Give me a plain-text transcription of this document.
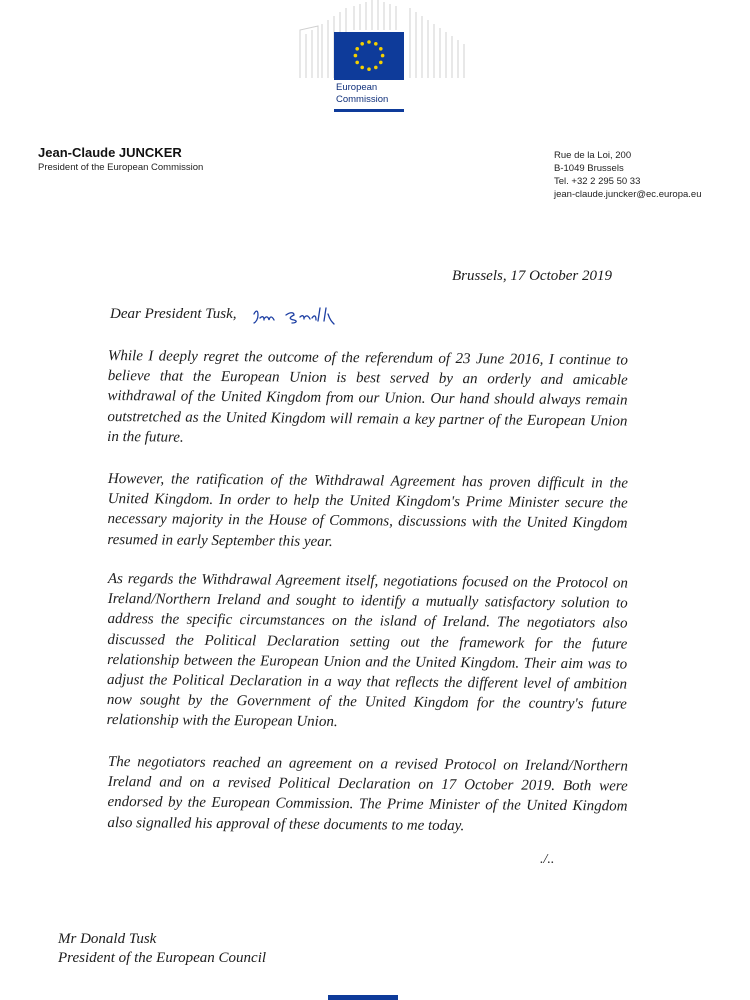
European
Commission
Jean-Claude JUNCKER
President of the European Commission
Rue de la Loi, 200
B-1049 Brussels
Tel. +32 2 295 50 33
jean-claude.juncker@ec.europa.eu
Brussels, 17 October 2019
Dear President Tusk,

While I deeply regret the outcome of the referendum of 23 June 2016, I continue to believe that the European Union is best served by an orderly and amicable withdrawal of the United Kingdom from our Union. Our hand should always remain outstretched as the United Kingdom will remain a key partner of the European Union in the future.

However, the ratification of the Withdrawal Agreement has proven difficult in the United Kingdom. In order to help the United Kingdom's Prime Minister secure the necessary majority in the House of Commons, discussions with the United Kingdom resumed in early September this year.

As regards the Withdrawal Agreement itself, negotiations focused on the Protocol on Ireland/Northern Ireland and sought to identify a mutually satisfactory solution to address the specific circumstances on the island of Ireland. The negotiators also discussed the Political Declaration setting out the framework for the future relationship between the European Union and the United Kingdom. Their aim was to adjust the Political Declaration in a way that reflects the different level of ambition now sought by the Government of the United Kingdom for the country's future relationship with the European Union.

The negotiators reached an agreement on a revised Protocol on Ireland/Northern Ireland and on a revised Political Declaration on 17 October 2019. Both were endorsed by the European Commission. The Prime Minister of the United Kingdom also signalled his approval of these documents to me today.

./..
Mr Donald Tusk
President of the European Council
